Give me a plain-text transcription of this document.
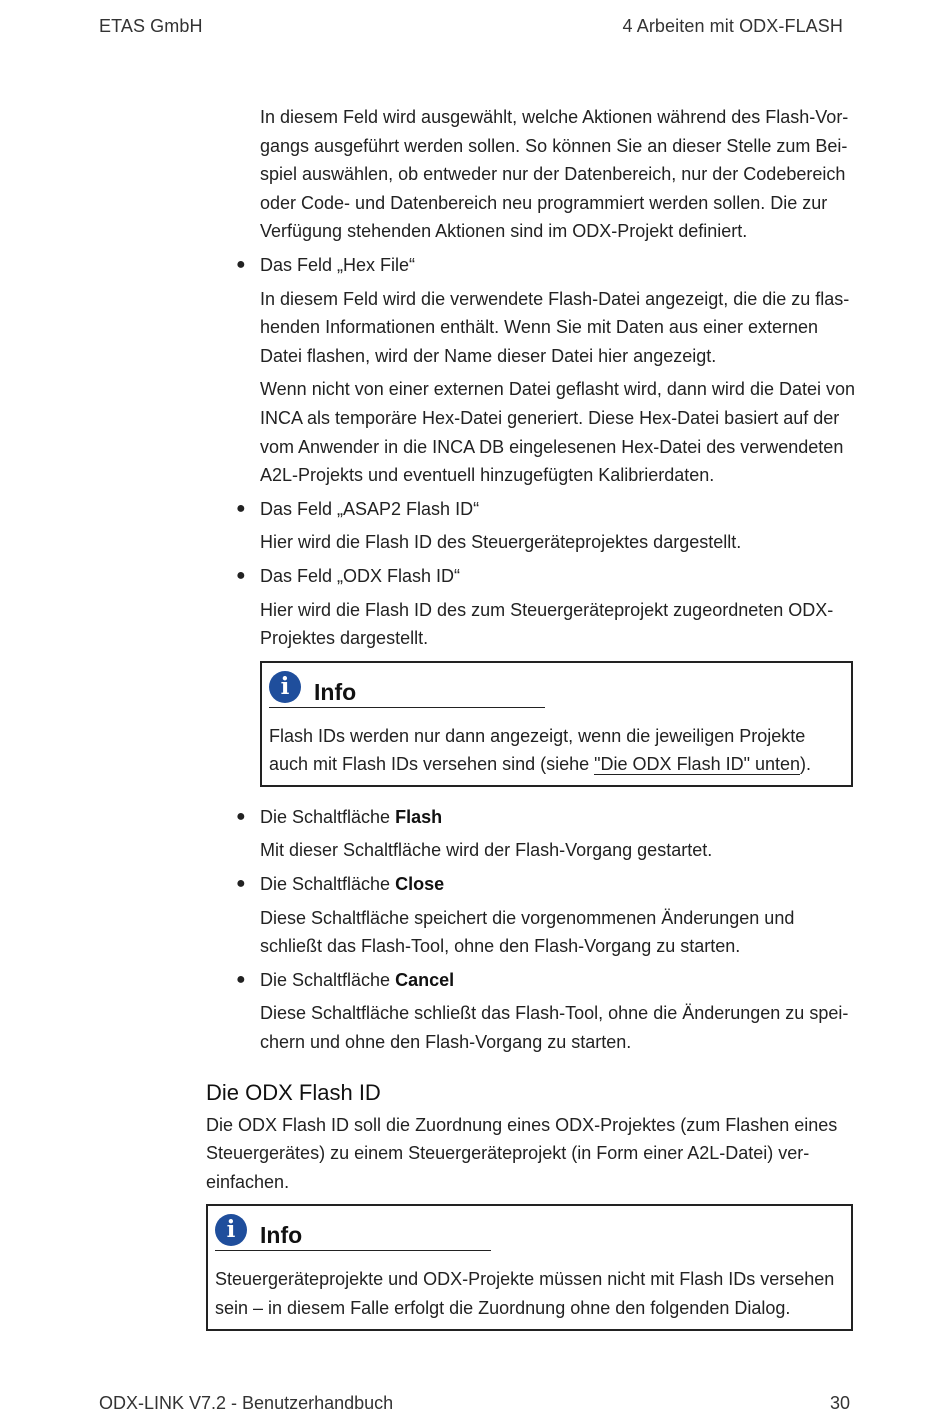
ETAS GmbH	4 Arbeiten mit ODX-FLASH

In diesem Feld wird ausgewählt, welche Aktionen während des Flash-Vor-gangs ausgeführt werden sollen. So können Sie an dieser Stelle zum Bei-spiel auswählen, ob entweder nur der Datenbereich, nur der Codebereich oder Code- und Datenbereich neu programmiert werden sollen. Die zur Verfügung stehenden Aktionen sind im ODX-Projekt definiert.

● Das Feld „Hex File“

In diesem Feld wird die verwendete Flash-Datei angezeigt, die die zu flas-henden Informationen enthält. Wenn Sie mit Daten aus einer externen Datei flashen, wird der Name dieser Datei hier angezeigt.

Wenn nicht von einer externen Datei geflasht wird, dann wird die Datei von INCA als temporäre Hex-Datei generiert. Diese Hex-Datei basiert auf der vom Anwender in die INCA DB eingelesenen Hex-Datei des verwendeten A2L-Projekts und eventuell hinzugefügten Kalibrierdaten.

● Das Feld „ASAP2 Flash ID“

Hier wird die Flash ID des Steuergeräteprojektes dargestellt.

● Das Feld „ODX Flash ID“

Hier wird die Flash ID des zum Steuergeräteprojekt zugeordneten ODX-Projektes dargestellt.

i	Info

Flash IDs werden nur dann angezeigt, wenn die jeweiligen Projekte auch mit Flash IDs versehen sind (siehe "Die ODX Flash ID" unten).

● Die Schaltfläche Flash

Mit dieser Schaltfläche wird der Flash-Vorgang gestartet.

● Die Schaltfläche Close

Diese Schaltfläche speichert die vorgenommenen Änderungen und schließt das Flash-Tool, ohne den Flash-Vorgang zu starten.

● Die Schaltfläche Cancel

Diese Schaltfläche schließt das Flash-Tool, ohne die Änderungen zu spei-chern und ohne den Flash-Vorgang zu starten.

Die ODX Flash ID

Die ODX Flash ID soll die Zuordnung eines ODX-Projektes (zum Flashen eines Steuergerätes) zu einem Steuergeräteprojekt (in Form einer A2L-Datei) ver-einfachen.

i	Info

Steuergeräteprojekte und ODX-Projekte müssen nicht mit Flash IDs versehen sein – in diesem Falle erfolgt die Zuordnung ohne den folgenden Dialog.

ODX-LINK V7.2 - Benutzerhandbuch	30
